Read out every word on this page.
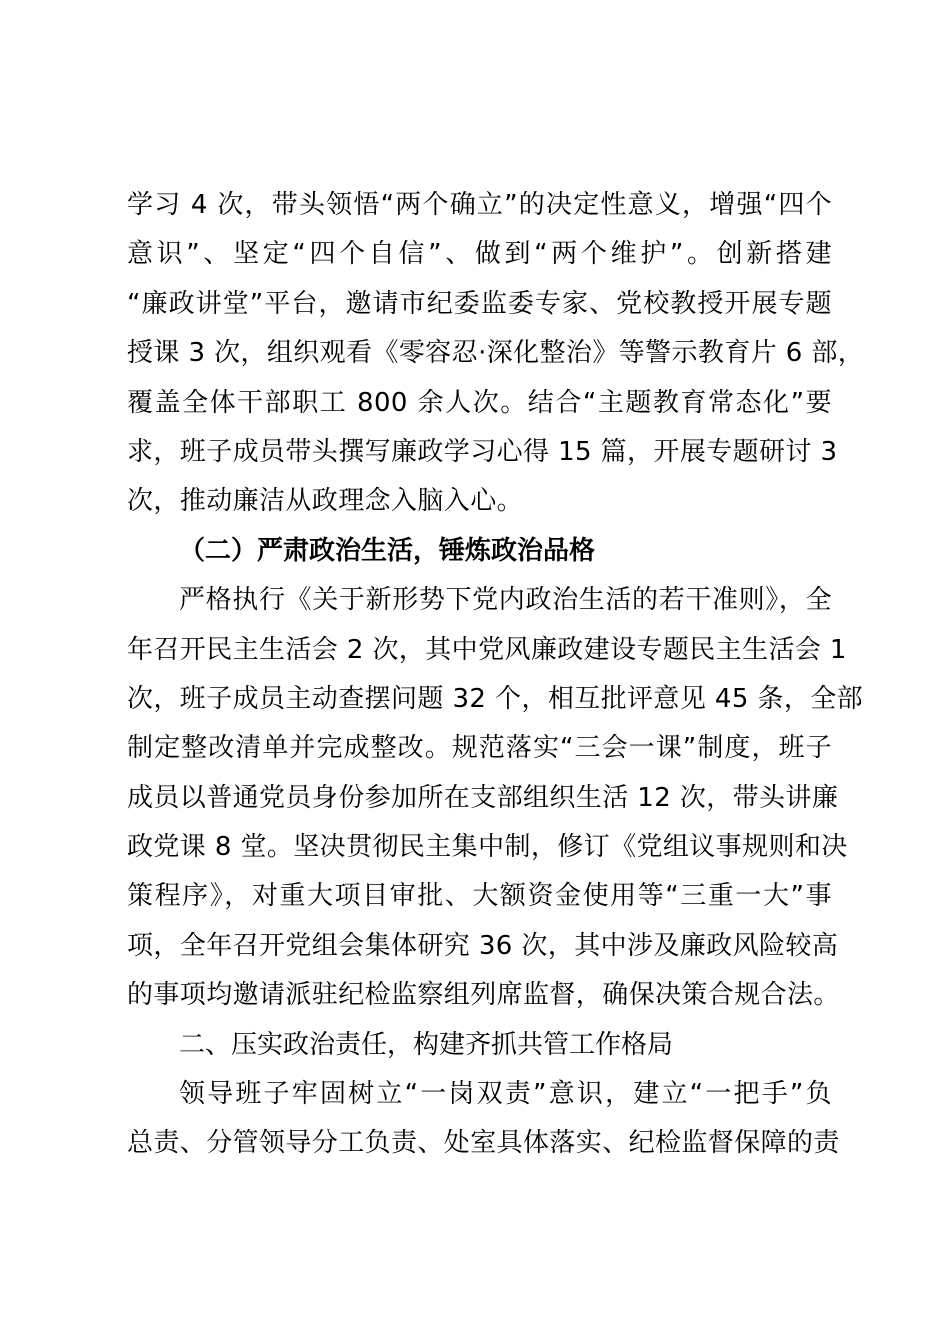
学习 4 次，带头领悟“两个确立”的决定性意义，增强“四个
意识”、坚定“四个自信”、做到“两个维护”。创新搭建
“廉政讲堂”平台，邀请市纪委监委专家、党校教授开展专题
授课 3 次，组织观看《零容忍·深化整治》等警示教育片 6 部，
覆盖全体干部职工 800 余人次。结合“主题教育常态化”要
求，班子成员带头撰写廉政学习心得 15 篇，开展专题研讨 3
次，推动廉洁从政理念入脑入心。
（二）严肃政治生活，锤炼政治品格
严格执行《关于新形势下党内政治生活的若干准则》，全
年召开民主生活会 2 次，其中党风廉政建设专题民主生活会 1
次，班子成员主动查摆问题 32 个，相互批评意见 45 条，全部
制定整改清单并完成整改。规范落实“三会一课”制度，班子
成员以普通党员身份参加所在支部组织生活 12 次，带头讲廉
政党课 8 堂。坚决贯彻民主集中制，修订《党组议事规则和决
策程序》，对重大项目审批、大额资金使用等“三重一大”事
项，全年召开党组会集体研究 36 次，其中涉及廉政风险较高
的事项均邀请派驻纪检监察组列席监督，确保决策合规合法。
二、压实政治责任，构建齐抓共管工作格局
领导班子牢固树立“一岗双责”意识，建立“一把手”负
总责、分管领导分工负责、处室具体落实、纪检监督保障的责
